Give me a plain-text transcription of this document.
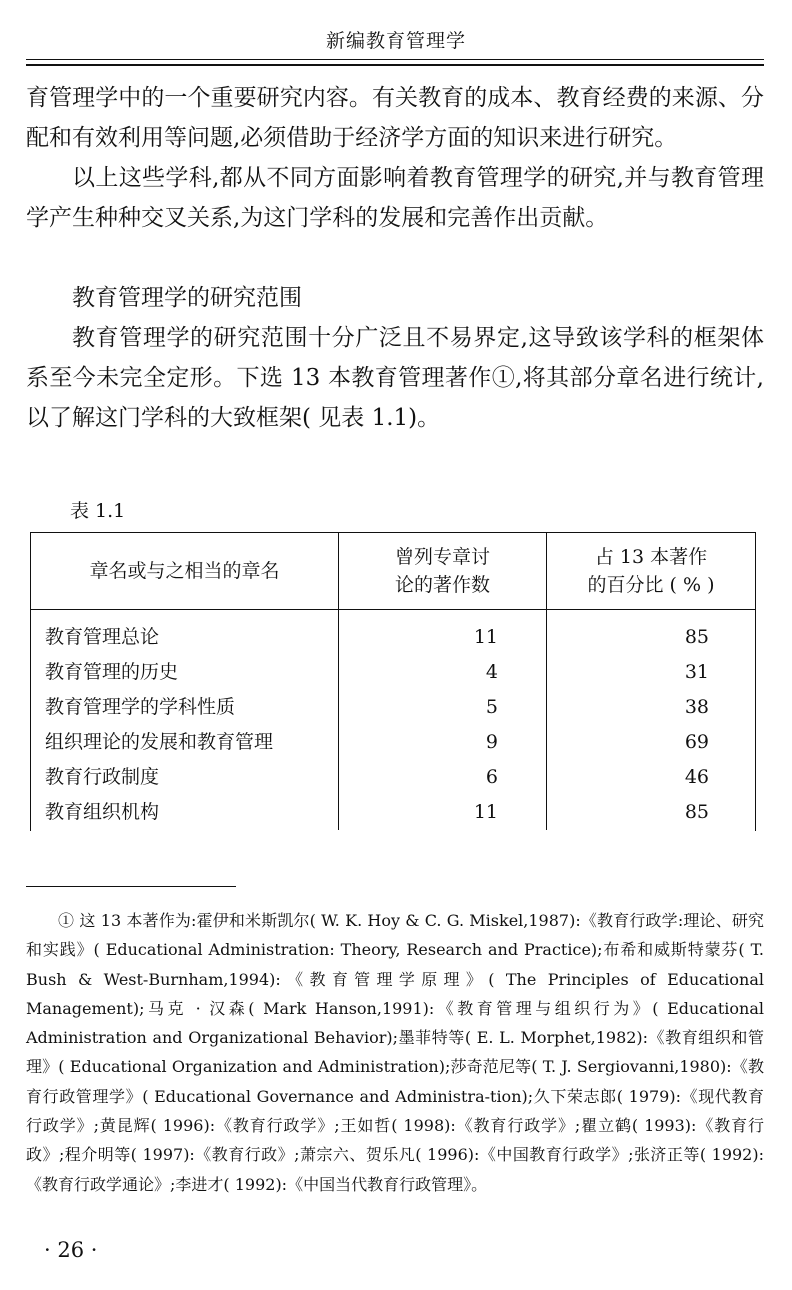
新编教育管理学

育管理学中的一个重要研究内容。有关教育的成本、教育经费的来源、分配和有效利用等问题,必须借助于经济学方面的知识来进行研究。

以上这些学科,都从不同方面影响着教育管理学的研究,并与教育管理学产生种种交叉关系,为这门学科的发展和完善作出贡献。

教育管理学的研究范围

教育管理学的研究范围十分广泛且不易界定,这导致该学科的框架体系至今未完全定形。下选 13 本教育管理著作①,将其部分章名进行统计,以了解这门学科的大致框架( 见表 1.1)。

表 1.1
章名或与之相当的章名
曾列专章讨
论的著作数
占 13 本著作
的百分比 ( % )
教育管理总论
教育管理的历史
教育管理学的学科性质
组织理论的发展和教育管理
教育行政制度
教育组织机构
11
4
5
9
6
11
85
31
38
69
46
85
① 这 13 本著作为:霍伊和米斯凯尔( W. K. Hoy & C. G. Miskel,1987):《教育行政学:理论、研究和实践》( Educational Administration: Theory, Research and Practice);布希和威斯特蒙芬( T. Bush & West-Burnham,1994):《教育管理学原理》( The Principles of Educational Management);马克 · 汉森( Mark Hanson,1991):《教育管理与组织行为》( Educational Administration and Organizational Behavior);墨菲特等( E. L. Morphet,1982):《教育组织和管理》( Educational Organization and Administration);莎奇范尼等( T. J. Sergiovanni,1980):《教育行政管理学》( Educational Governance and Administra-tion);久下荣志郎( 1979):《现代教育行政学》;黄昆辉( 1996):《教育行政学》;王如哲( 1998):《教育行政学》;瞿立鹤( 1993):《教育行政》;程介明等( 1997):《教育行政》;萧宗六、贺乐凡( 1996):《中国教育行政学》;张济正等( 1992):《教育行政学通论》;李进才( 1992):《中国当代教育行政管理》。
· 26 ·
